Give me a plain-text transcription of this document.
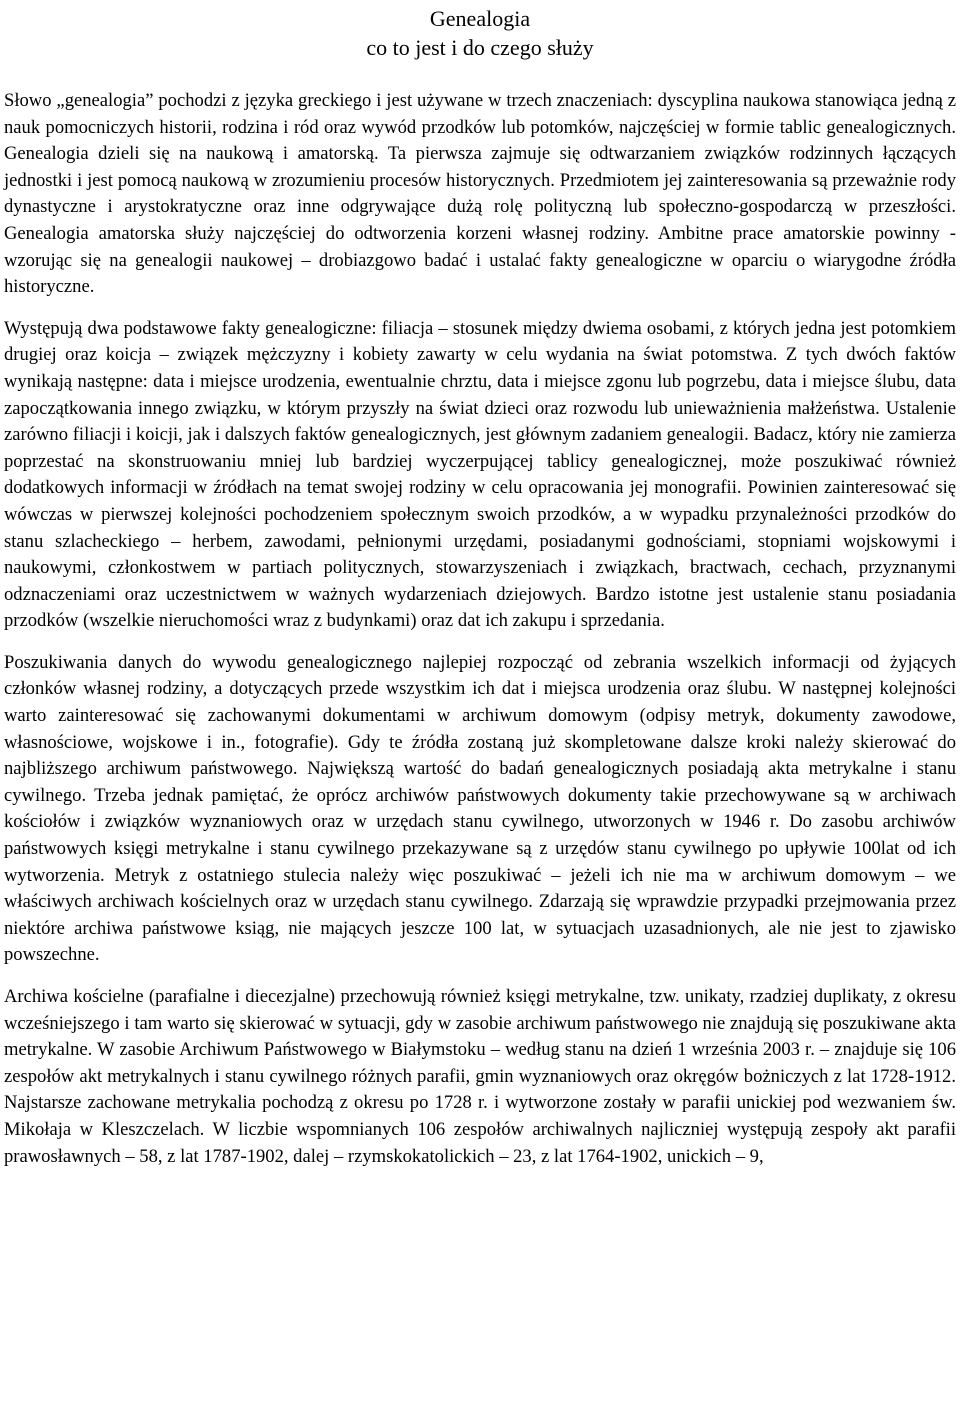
Genealogia
co to jest i do czego służy

Słowo „genealogia” pochodzi z języka greckiego i jest używane w trzech znaczeniach: dyscyplina naukowa stanowiąca jedną z nauk pomocniczych historii, rodzina i ród oraz wywód przodków lub potomków, najczęściej w formie tablic genealogicznych. Genealogia dzieli się na naukową i amatorską. Ta pierwsza zajmuje się odtwarzaniem związków rodzinnych łączących jednostki i jest pomocą naukową w zrozumieniu procesów historycznych. Przedmiotem jej zainteresowania są przeważnie rody dynastyczne i arystokratyczne oraz inne odgrywające dużą rolę polityczną lub społeczno-gospodarczą w przeszłości. Genealogia amatorska służy najczęściej do odtworzenia korzeni własnej rodziny. Ambitne prace amatorskie powinny - wzorując się na genealogii naukowej – drobiazgowo badać i ustalać fakty genealogiczne w oparciu o wiarygodne źródła historyczne.

Występują dwa podstawowe fakty genealogiczne: filiacja – stosunek między dwiema osobami, z których jedna jest potomkiem drugiej oraz koicja – związek mężczyzny i kobiety zawarty w celu wydania na świat potomstwa. Z tych dwóch faktów wynikają następne: data i miejsce urodzenia, ewentualnie chrztu, data i miejsce zgonu lub pogrzebu, data i miejsce ślubu, data zapoczątkowania innego związku, w którym przyszły na świat dzieci oraz rozwodu lub unieważnienia małżeństwa. Ustalenie zarówno filiacji i koicji, jak i dalszych faktów genealogicznych, jest głównym zadaniem genealogii. Badacz, który nie zamierza poprzestać na skonstruowaniu mniej lub bardziej wyczerpującej tablicy genealogicznej, może poszukiwać również dodatkowych informacji w źródłach na temat swojej rodziny w celu opracowania jej monografii. Powinien zainteresować się wówczas w pierwszej kolejności pochodzeniem społecznym swoich przodków, a w wypadku przynależności przodków do stanu szlacheckiego – herbem, zawodami, pełnionymi urzędami, posiadanymi godnościami, stopniami wojskowymi i naukowymi, członkostwem w partiach politycznych, stowarzyszeniach i związkach, bractwach, cechach, przyznanymi odznaczeniami oraz uczestnictwem w ważnych wydarzeniach dziejowych. Bardzo istotne jest ustalenie stanu posiadania przodków (wszelkie nieruchomości wraz z budynkami) oraz dat ich zakupu i sprzedania.

Poszukiwania danych do wywodu genealogicznego najlepiej rozpocząć od zebrania wszelkich informacji od żyjących członków własnej rodziny, a dotyczących przede wszystkim ich dat i miejsca urodzenia oraz ślubu. W następnej kolejności warto zainteresować się zachowanymi dokumentami w archiwum domowym (odpisy metryk, dokumenty zawodowe, własnościowe, wojskowe i in., fotografie). Gdy te źródła zostaną już skompletowane dalsze kroki należy skierować do najbliższego archiwum państwowego. Największą wartość do badań genealogicznych posiadają akta metrykalne i stanu cywilnego. Trzeba jednak pamiętać, że oprócz archiwów państwowych dokumenty takie przechowywane są w archiwach kościołów i związków wyznaniowych oraz w urzędach stanu cywilnego, utworzonych w 1946 r. Do zasobu archiwów państwowych księgi metrykalne i stanu cywilnego przekazywane są z urzędów stanu cywilnego po upływie 100lat od ich wytworzenia. Metryk z ostatniego stulecia należy więc poszukiwać – jeżeli ich nie ma w archiwum domowym – we właściwych archiwach kościelnych oraz w urzędach stanu cywilnego. Zdarzają się wprawdzie przypadki przejmowania przez niektóre archiwa państwowe ksiąg, nie mających jeszcze 100 lat, w sytuacjach uzasadnionych, ale nie jest to zjawisko powszechne.

Archiwa kościelne (parafialne i diecezjalne) przechowują również księgi metrykalne, tzw. unikaty, rzadziej duplikaty, z okresu wcześniejszego i tam warto się skierować w sytuacji, gdy w zasobie archiwum państwowego nie znajdują się poszukiwane akta metrykalne. W zasobie Archiwum Państwowego w Białymstoku – według stanu na dzień 1 września 2003 r. – znajduje się 106 zespołów akt metrykalnych i stanu cywilnego różnych parafii, gmin wyznaniowych oraz okręgów bożniczych z lat 1728-1912. Najstarsze zachowane metrykalia pochodzą z okresu po 1728 r. i wytworzone zostały w parafii unickiej pod wezwaniem św. Mikołaja w Kleszczelach. W liczbie wspomnianych 106 zespołów archiwalnych najliczniej występują zespoły akt parafii prawosławnych – 58, z lat 1787-1902, dalej – rzymskokatolickich – 23, z lat 1764-1902, unickich – 9,
